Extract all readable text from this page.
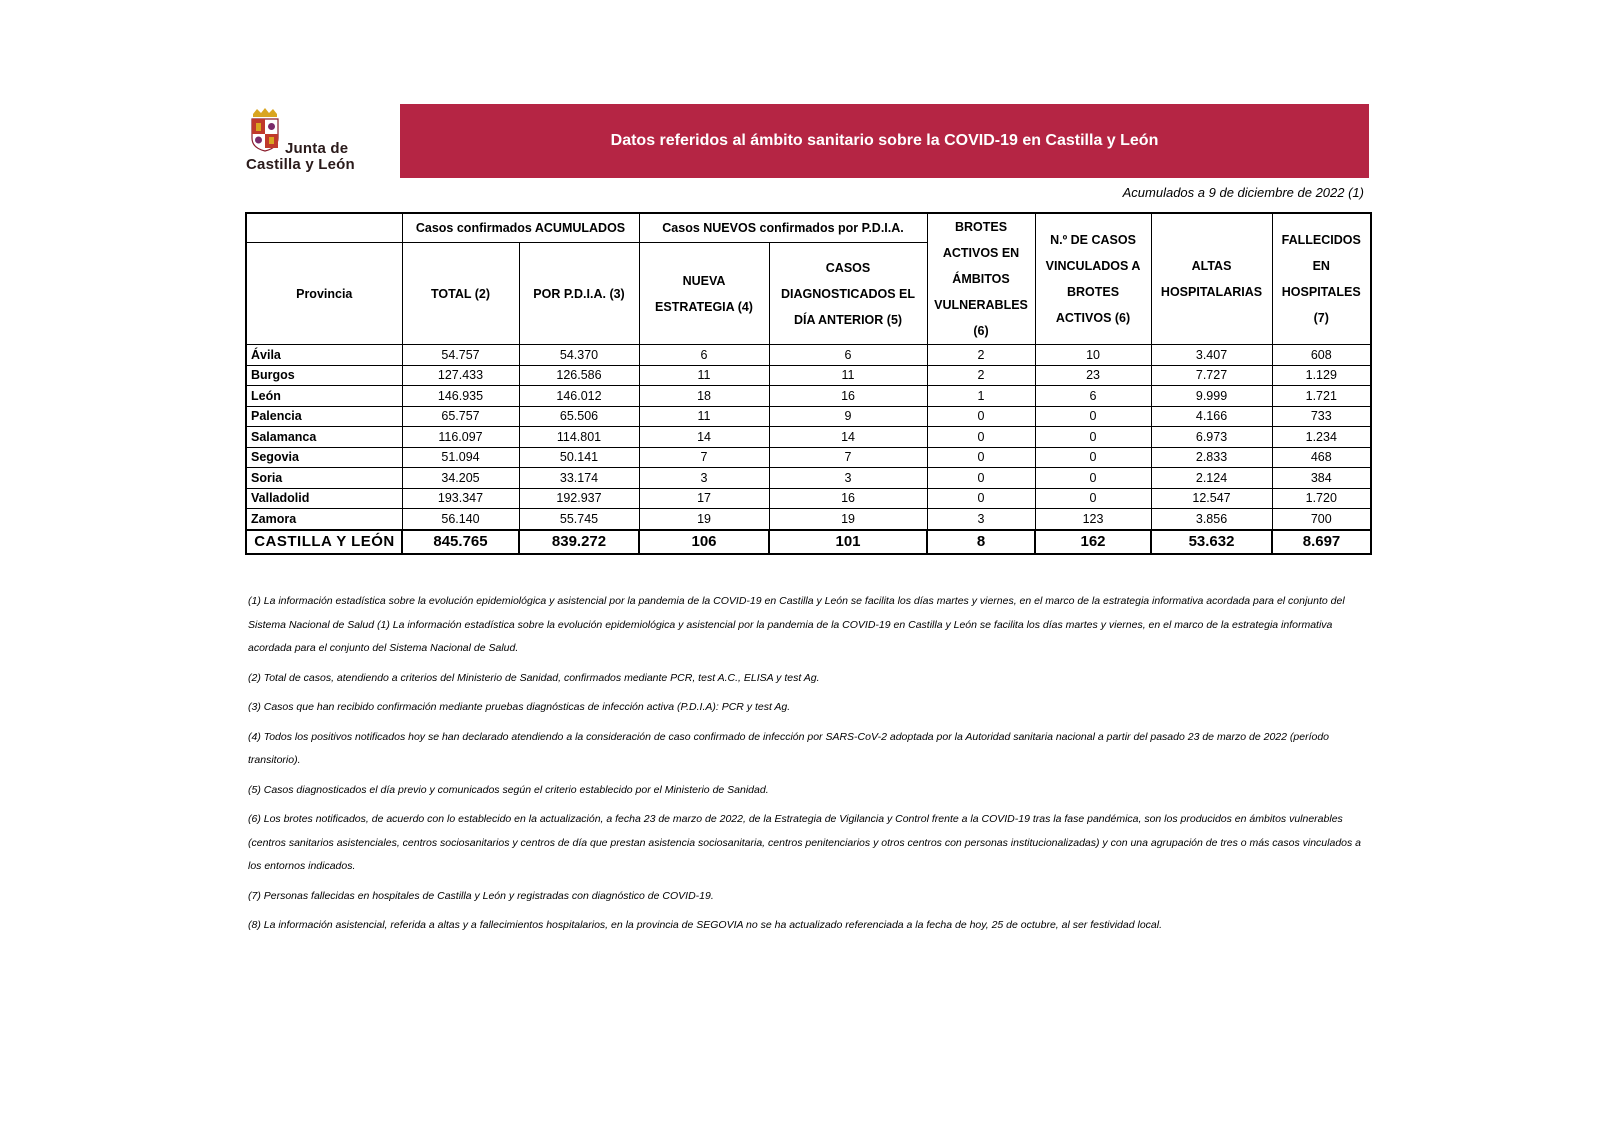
Junta de
Castilla y León
Datos referidos al ámbito sanitario sobre la COVID-19 en Castilla y León
Acumulados a 9 de diciembre de 2022 (1)
	Casos confirmados ACUMULADOS		Casos NUEVOS confirmados por P.D.I.A.		BROTES ACTIVOS EN ÁMBITOS VULNERABLES (6)	N.º DE CASOS VINCULADOS A BROTES ACTIVOS (6)	ALTAS HOSPITALARIAS	FALLECIDOS EN HOSPITALES (7)
Provincia	TOTAL (2)	POR P.D.I.A. (3)	NUEVA ESTRATEGIA (4)	CASOS DIAGNOSTICADOS EL DÍA ANTERIOR (5)				
Ávila	54.757	54.370	6	6	2	10	3.407	608
Burgos	127.433	126.586	11	11	2	23	7.727	1.129
León	146.935	146.012	18	16	1	6	9.999	1.721
Palencia	65.757	65.506	11	9	0	0	4.166	733
Salamanca	116.097	114.801	14	14	0	0	6.973	1.234
Segovia	51.094	50.141	7	7	0	0	2.833	468
Soria	34.205	33.174	3	3	0	0	2.124	384
Valladolid	193.347	192.937	17	16	0	0	12.547	1.720
Zamora	56.140	55.745	19	19	3	123	3.856	700
CASTILLA Y LEÓN	845.765	839.272	106	101	8	162	53.632	8.697

(1) La información estadística sobre la evolución epidemiológica y asistencial por la pandemia de la COVID-19 en Castilla y León se facilita los días martes y viernes, en el marco de la estrategia informativa acordada para el conjunto del Sistema Nacional de Salud (1) La información estadística sobre la evolución epidemiológica y asistencial por la pandemia de la COVID-19 en Castilla y León se facilita los días martes y viernes, en el marco de la estrategia informativa acordada para el conjunto del Sistema Nacional de Salud.

(2) Total de casos, atendiendo a criterios del Ministerio de Sanidad, confirmados mediante PCR, test A.C., ELISA y test Ag.

(3) Casos que han recibido confirmación mediante pruebas diagnósticas de infección activa (P.D.I.A): PCR y test Ag.

(4) Todos los positivos notificados hoy se han declarado atendiendo a la consideración de caso confirmado de infección por SARS-CoV-2 adoptada por la Autoridad sanitaria nacional a partir del pasado 23 de marzo de 2022 (período transitorio).

(5) Casos diagnosticados el día previo y comunicados según el criterio establecido por el Ministerio de Sanidad.

(6) Los brotes notificados, de acuerdo con lo establecido en la actualización, a fecha 23 de marzo de 2022, de la Estrategia de Vigilancia y Control frente a la COVID-19 tras la fase pandémica, son los producidos en ámbitos vulnerables (centros sanitarios asistenciales, centros sociosanitarios y centros de día que prestan asistencia sociosanitaria, centros penitenciarios y otros centros con personas institucionalizadas) y con una agrupación de tres o más casos vinculados a los entornos indicados.

(7) Personas fallecidas en hospitales de Castilla y León y registradas con diagnóstico de COVID-19.

(8) La información asistencial, referida a altas y a fallecimientos hospitalarios, en la provincia de SEGOVIA no se ha actualizado referenciada a la fecha de hoy, 25 de octubre, al ser festividad local.
